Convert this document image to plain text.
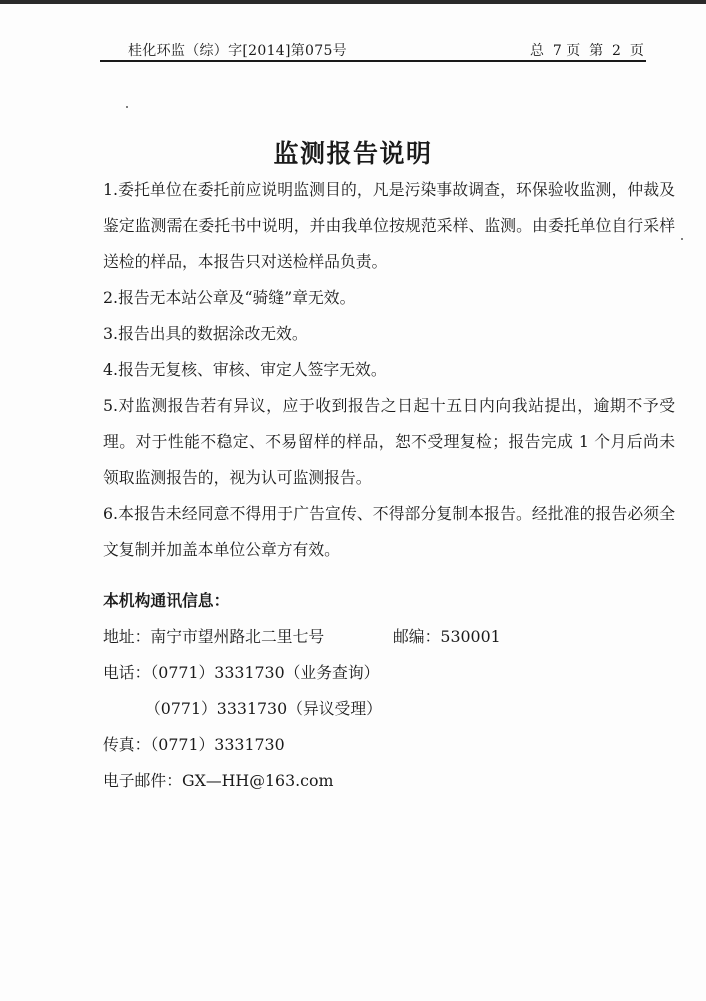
桂化环监（综）字[2014]第075号	总  7 页  第  2  页
监测报告说明

1.委托单位在委托前应说明监测目的，凡是污染事故调查，环保验收监测，仲裁及鉴定监测需在委托书中说明，并由我单位按规范采样、监测。由委托单位自行采样送检的样品，本报告只对送检样品负责。

2.报告无本站公章及“骑缝”章无效。

3.报告出具的数据涂改无效。

4.报告无复核、审核、审定人签字无效。

5.对监测报告若有异议，应于收到报告之日起十五日内向我站提出，逾期不予受理。对于性能不稳定、不易留样的样品，恕不受理复检；报告完成 1 个月后尚未领取监测报告的，视为认可监测报告。

6.本报告未经同意不得用于广告宣传、不得部分复制本报告。经批准的报告必须全文复制并加盖本单位公章方有效。

本机构通讯信息：
地址：南宁市望州路北二里七号	邮编：530001
电话：（0771）3331730（业务查询）
（0771）3331730（异议受理）
传真：（0771）3331730
电子邮件：GX—HH@163.com
